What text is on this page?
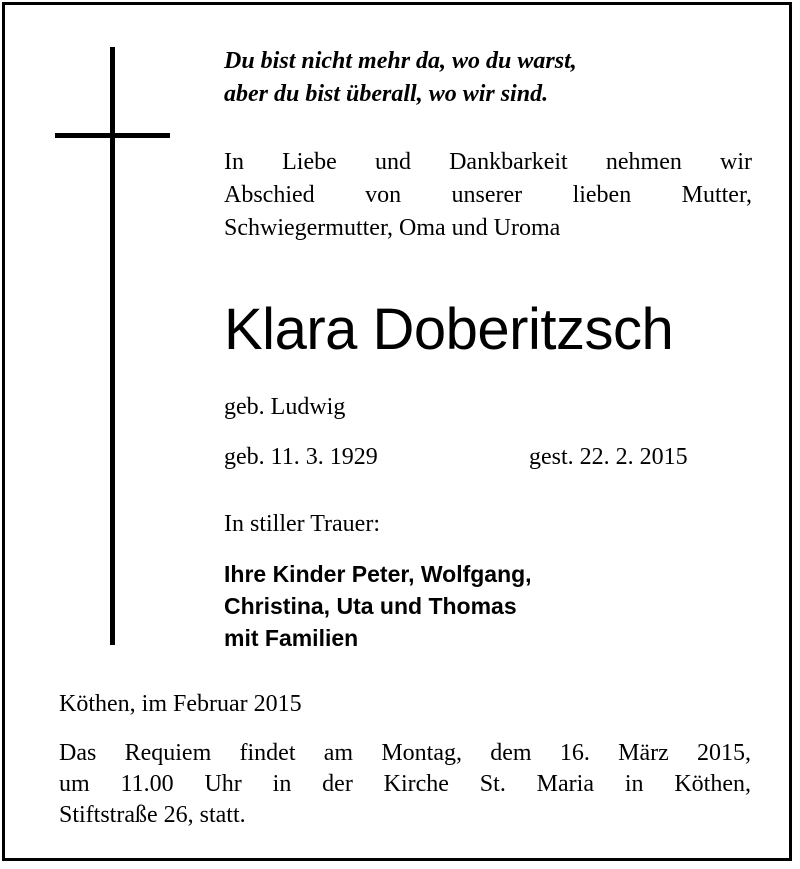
Du bist nicht mehr da, wo du warst,
aber du bist überall, wo wir sind.
In Liebe und Dankbarkeit nehmen wir
Abschied von unserer lieben Mutter,
Schwiegermutter, Oma und Uroma
Klara Doberitzsch
geb. Ludwig
geb. 11. 3. 1929	gest. 22. 2. 2015
In stiller Trauer:
Ihre Kinder Peter, Wolfgang,
Christina, Uta und Thomas
mit Familien
Köthen, im Februar 2015
Das Requiem findet am Montag, dem 16. März 2015,
um 11.00 Uhr in der Kirche St. Maria in Köthen,
Stiftstraße 26, statt.
